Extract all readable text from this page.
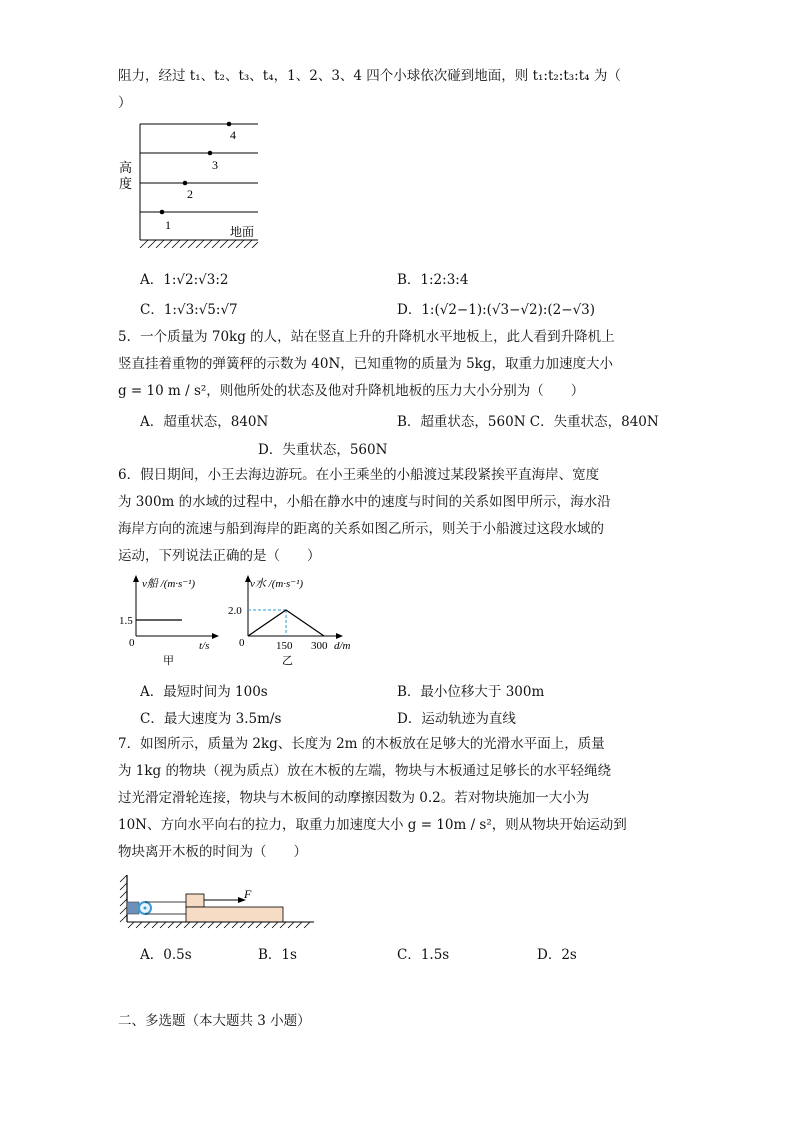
阻力，经过 t₁、t₂、t₃、t₄，1、2、3、4 四个小球依次碰到地面，则 t₁:t₂:t₃:t₄ 为（
）
高
度
1
2
3
4
地面
A．1:√2:√3:2	B．1:2:3:4
C．1:√3:√5:√7	D．1:(√2−1):(√3−√2):(2−√3)
5．一个质量为 70kg 的人，站在竖直上升的升降机水平地板上，此人看到升降机上
竖直挂着重物的弹簧秤的示数为 40N，已知重物的质量为 5kg，取重力加速度大小
g = 10 m / s²，则他所处的状态及他对升降机地板的压力大小分别为（　　）
A．超重状态，840N	B．超重状态，560N C．失重状态，840N
D．失重状态，560N
6．假日期间，小王去海边游玩。在小王乘坐的小船渡过某段紧挨平直海岸、宽度
为 300m 的水域的过程中，小船在静水中的速度与时间的关系如图甲所示，海水沿
海岸方向的流速与船到海岸的距离的关系如图乙所示，则关于小船渡过这段水域的
运动，下列说法正确的是（　　）
v船 /(m·s⁻¹)
1.5
0	t/s
甲
v水 /(m·s⁻¹)
2.0
0	150 300 d/m
乙
A．最短时间为 100s	B．最小位移大于 300m
C．最大速度为 3.5m/s	D．运动轨迹为直线
7．如图所示，质量为 2kg、长度为 2m 的木板放在足够大的光滑水平面上，质量
为 1kg 的物块（视为质点）放在木板的左端，物块与木板通过足够长的水平轻绳绕
过光滑定滑轮连接，物块与木板间的动摩擦因数为 0.2。若对物块施加一大小为
10N、方向水平向右的拉力，取重力加速度大小 g = 10m / s²，则从物块开始运动到
物块离开木板的时间为（　　）
F
A．0.5s	B．1s	C．1.5s	D．2s
二、多选题（本大题共 3 小题）
